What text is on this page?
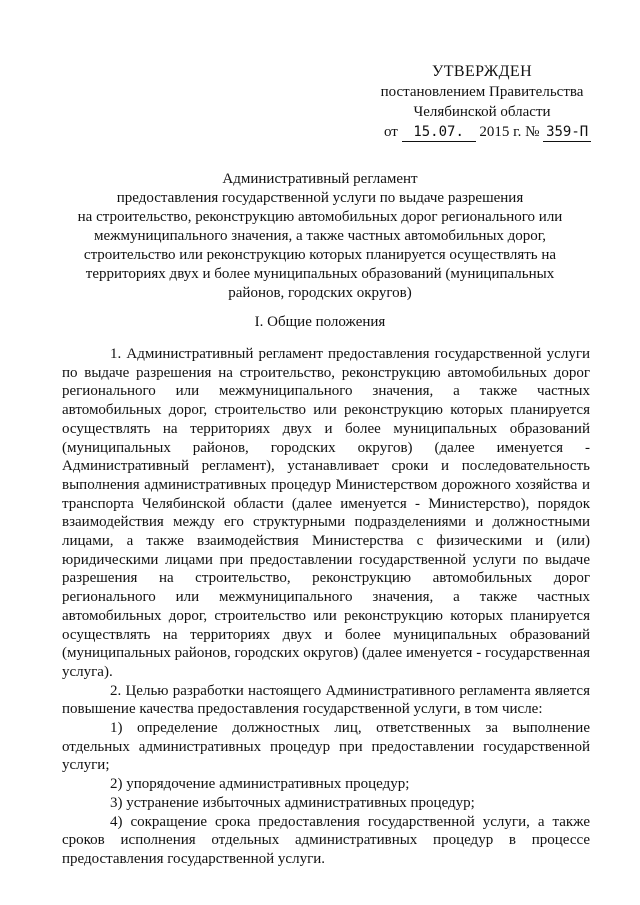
УТВЕРЖДЕН
постановлением Правительства
Челябинской области
от 15.07. 2015 г. № 359-П
Административный регламент
предоставления государственной услуги по выдаче разрешения
на строительство, реконструкцию автомобильных дорог регионального или
межмуниципального значения, а также частных автомобильных дорог,
строительство или реконструкцию которых планируется осуществлять на
территориях двух и более муниципальных образований (муниципальных
районов, городских округов)
I. Общие положения

1. Административный регламент предоставления государственной услуги по выдаче разрешения на строительство, реконструкцию автомобильных дорог регионального или межмуниципального значения, а также частных автомобильных дорог, строительство или реконструкцию которых планируется осуществлять на территориях двух и более муниципальных образований (муниципальных районов, городских округов) (далее именуется - Административный регламент), устанавливает сроки и последовательность выполнения административных процедур Министерством дорожного хозяйства и транспорта Челябинской области (далее именуется - Министерство), порядок взаимодействия между его структурными подразделениями и должностными лицами, а также взаимодействия Министерства с физическими и (или) юридическими лицами при предоставлении государственной услуги по выдаче разрешения на строительство, реконструкцию автомобильных дорог регионального или межмуниципального значения, а также частных автомобильных дорог, строительство или реконструкцию которых планируется осуществлять на территориях двух и более муниципальных образований (муниципальных районов, городских округов) (далее именуется - государственная услуга).

2. Целью разработки настоящего Административного регламента является повышение качества предоставления государственной услуги, в том числе:

1) определение должностных лиц, ответственных за выполнение отдельных административных процедур при предоставлении государственной услуги;

2) упорядочение административных процедур;

3) устранение избыточных административных процедур;

4) сокращение срока предоставления государственной услуги, а также сроков исполнения отдельных административных процедур в процессе предоставления государственной услуги.
